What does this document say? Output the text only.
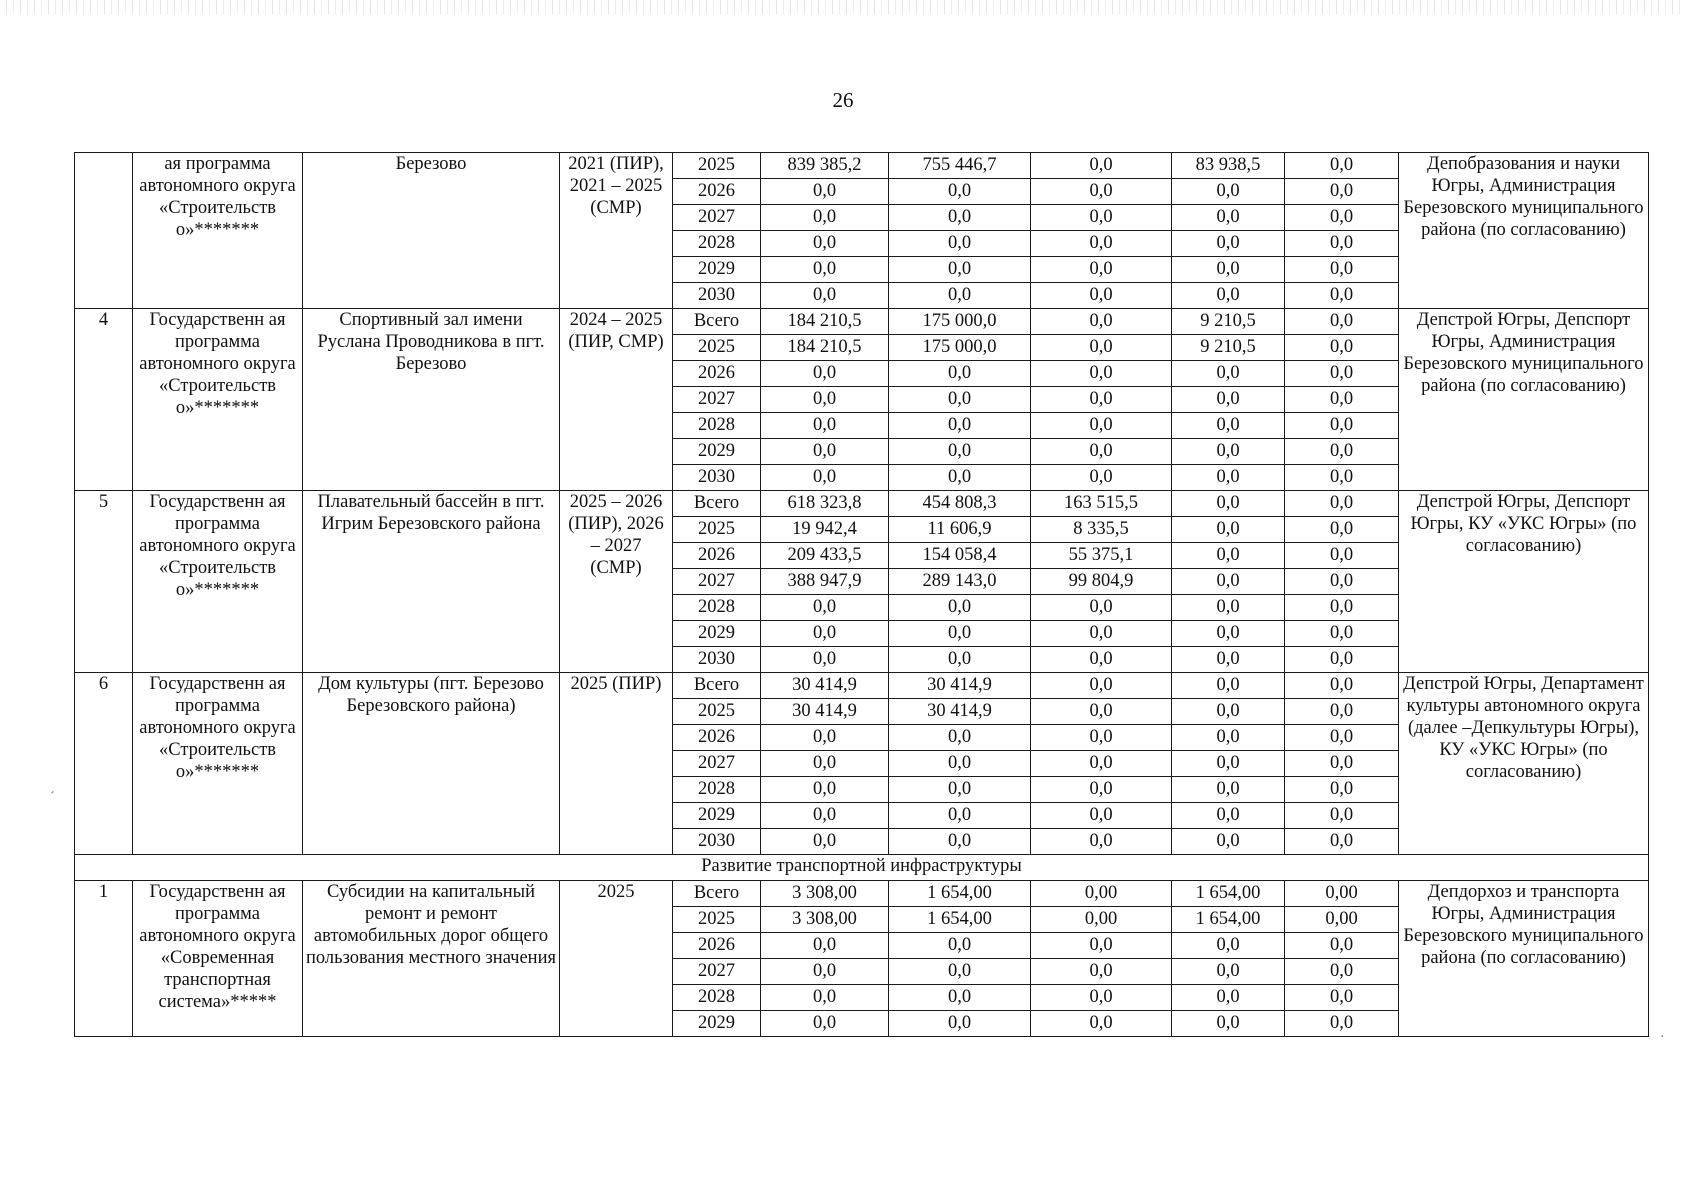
26
	ая программа автономного округа «Строительств о»*******	Березово	2021 (ПИР), 2021 – 2025 (СМР)	2025	839 385,2	755 446,7	0,0	83 938,5	0,0	Депобразования и науки Югры, Администрация Березовского муниципального района (по согласованию)
				2026	0,0	0,0	0,0	0,0	0,0	
				2027	0,0	0,0	0,0	0,0	0,0	
				2028	0,0	0,0	0,0	0,0	0,0	
				2029	0,0	0,0	0,0	0,0	0,0	
				2030	0,0	0,0	0,0	0,0	0,0	
4	Государственн ая программа автономного округа «Строительств о»*******	Спортивный зал имени Руслана Проводникова в пгт. Березово	2024 – 2025 (ПИР, СМР)	Всего	184 210,5	175 000,0	0,0	9 210,5	0,0	Депстрой Югры, Депспорт Югры, Администрация Березовского муниципального района (по согласованию)
				2025	184 210,5	175 000,0	0,0	9 210,5	0,0	
				2026	0,0	0,0	0,0	0,0	0,0	
				2027	0,0	0,0	0,0	0,0	0,0	
				2028	0,0	0,0	0,0	0,0	0,0	
				2029	0,0	0,0	0,0	0,0	0,0	
				2030	0,0	0,0	0,0	0,0	0,0	
5	Государственн ая программа автономного округа «Строительств о»*******	Плавательный бассейн в пгт. Игрим Березовского района	2025 – 2026 (ПИР), 2026 – 2027 (СМР)	Всего	618 323,8	454 808,3	163 515,5	0,0	0,0	Депстрой Югры, Депспорт Югры, КУ «УКС Югры» (по согласованию)
				2025	19 942,4	11 606,9	8 335,5	0,0	0,0	
				2026	209 433,5	154 058,4	55 375,1	0,0	0,0	
				2027	388 947,9	289 143,0	99 804,9	0,0	0,0	
				2028	0,0	0,0	0,0	0,0	0,0	
				2029	0,0	0,0	0,0	0,0	0,0	
				2030	0,0	0,0	0,0	0,0	0,0	
6	Государственн ая программа автономного округа «Строительств о»*******	Дом культуры (пгт. Березово Березовского района)	2025 (ПИР)	Всего	30 414,9	30 414,9	0,0	0,0	0,0	Депстрой Югры, Департамент культуры автономного округа (далее –Депкультуры Югры), КУ «УКС Югры» (по согласованию)
				2025	30 414,9	30 414,9	0,0	0,0	0,0	
				2026	0,0	0,0	0,0	0,0	0,0	
				2027	0,0	0,0	0,0	0,0	0,0	
				2028	0,0	0,0	0,0	0,0	0,0	
				2029	0,0	0,0	0,0	0,0	0,0	
				2030	0,0	0,0	0,0	0,0	0,0	
Развитие транспортной инфраструктуры										
1	Государственн ая программа автономного округа «Современная транспортная система»*****	Субсидии на капитальный ремонт и ремонт автомобильных дорог общего пользования местного значения	2025	Всего	3 308,00	1 654,00	0,00	1 654,00	0,00	Депдорхоз и транспорта Югры, Администрация Березовского муниципального района (по согласованию)
				2025	3 308,00	1 654,00	0,00	1 654,00	0,00	
				2026	0,0	0,0	0,0	0,0	0,0	
				2027	0,0	0,0	0,0	0,0	0,0	
				2028	0,0	0,0	0,0	0,0	0,0	
				2029	0,0	0,0	0,0	0,0	0,0	
ˊ
·
